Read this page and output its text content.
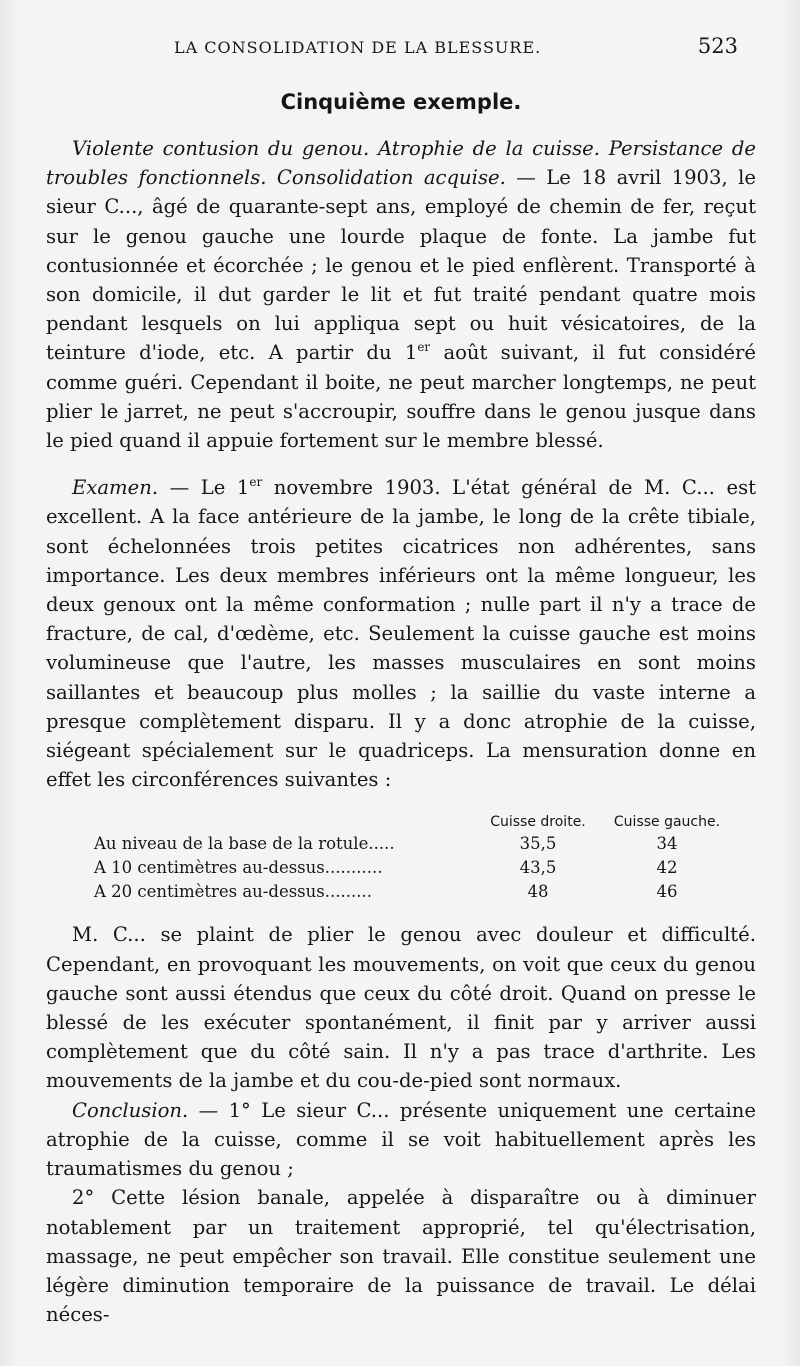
LA CONSOLIDATION DE LA BLESSURE.	523
Cinquième exemple.

Violente contusion du genou. Atrophie de la cuisse. Persistance de troubles fonctionnels. Consolidation acquise. — Le 18 avril 1903, le sieur C..., âgé de quarante-sept ans, employé de chemin de fer, reçut sur le genou gauche une lourde plaque de fonte. La jambe fut contusionnée et écorchée ; le genou et le pied enflèrent. Transporté à son domicile, il dut garder le lit et fut traité pendant quatre mois pendant lesquels on lui appliqua sept ou huit vésicatoires, de la teinture d'iode, etc. A partir du 1er août suivant, il fut considéré comme guéri. Cependant il boite, ne peut marcher longtemps, ne peut plier le jarret, ne peut s'accroupir, souffre dans le genou jusque dans le pied quand il appuie fortement sur le membre blessé.

Examen. — Le 1er novembre 1903. L'état général de M. C... est excellent. A la face antérieure de la jambe, le long de la crête tibiale, sont échelonnées trois petites cicatrices non adhérentes, sans importance. Les deux membres inférieurs ont la même longueur, les deux genoux ont la même conformation ; nulle part il n'y a trace de fracture, de cal, d'œdème, etc. Seulement la cuisse gauche est moins volumineuse que l'autre, les masses musculaires en sont moins saillantes et beaucoup plus molles ; la saillie du vaste interne a presque complètement disparu. Il y a donc atrophie de la cuisse, siégeant spécialement sur le quadriceps. La mensuration donne en effet les circonférences suivantes :

	Cuisse droite.	Cuisse gauche.
Au niveau de la base de la rotule.....	35,5	34
A 10 centimètres au-dessus...........	43,5	42
A 20 centimètres au-dessus.........	48	46

M. C... se plaint de plier le genou avec douleur et difficulté. Cependant, en provoquant les mouvements, on voit que ceux du genou gauche sont aussi étendus que ceux du côté droit. Quand on presse le blessé de les exécuter spontanément, il finit par y arriver aussi complètement que du côté sain. Il n'y a pas trace d'arthrite. Les mouvements de la jambe et du cou-de-pied sont normaux.

Conclusion. — 1° Le sieur C... présente uniquement une certaine atrophie de la cuisse, comme il se voit habituellement après les traumatismes du genou ;

2° Cette lésion banale, appelée à disparaître ou à diminuer notablement par un traitement approprié, tel qu'électrisation, massage, ne peut empêcher son travail. Elle constitue seulement une légère diminution temporaire de la puissance de travail. Le délai néces-
